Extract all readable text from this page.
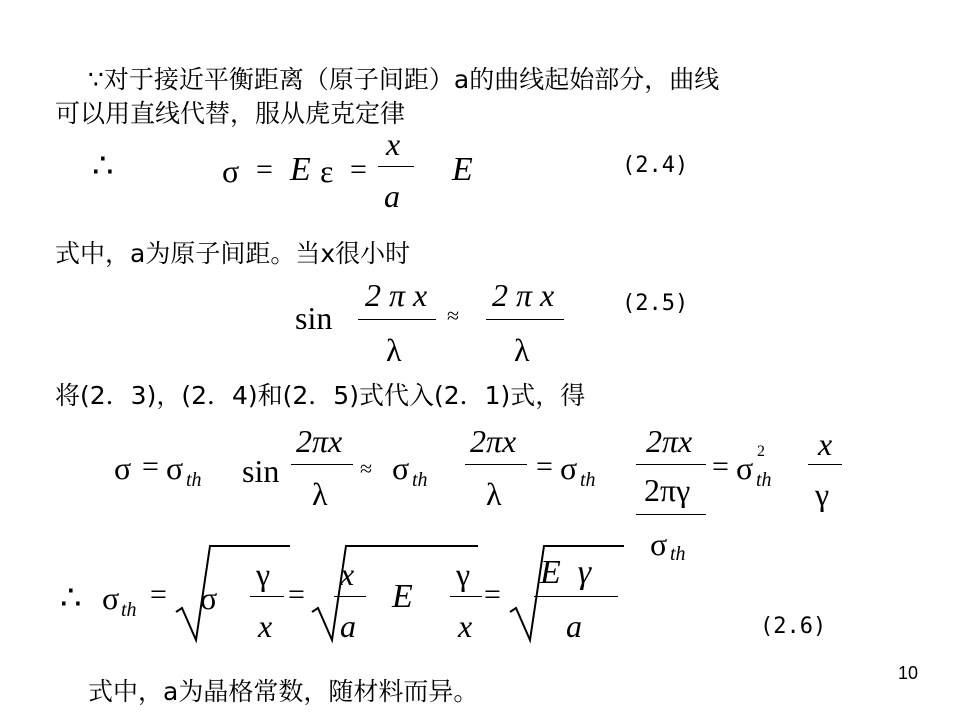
∵对于接近平衡距离（原子间距）a的曲线起始部分，曲线
可以用直线代替，服从虎克定律
∴	σ = E ε =
x
a
E	(2.4)
式中，a为原子间距。当x很小时
sin
2 π x
λ
≈
2 π x
λ
(2.5)
将(2．3)，(2．4)和(2．5)式代入(2．1)式，得
σ = σ th sin
2πx
λ
≈ σ th
2πx
λ
= σ th
2πx
2πγ
σ th
= σ 2
th
x
γ
∴ σ th = σ
γ
x
=
x
a
E
γ
x
=
E  γ
a	(2.6)
式中，a为晶格常数，随材料而异。
10
